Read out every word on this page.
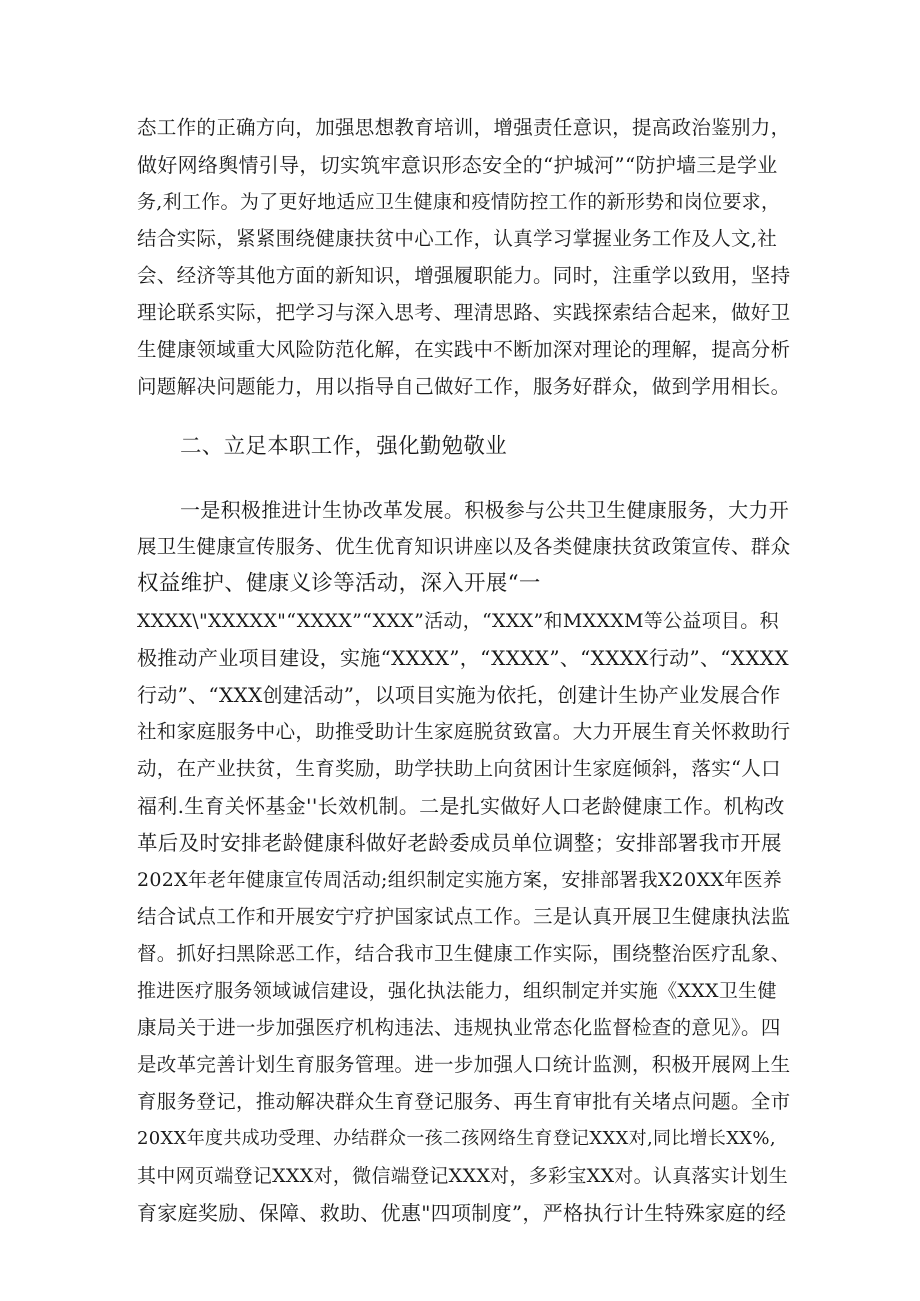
态工作的正确方向，加强思想教育培训，增强责任意识，提高政治鉴别力，

做好网络舆情引导，切实筑牢意识形态安全的“护城河”“防护墙三是学业

务,利工作。为了更好地适应卫生健康和疫情防控工作的新形势和岗位要求，

结合实际，紧紧围绕健康扶贫中心工作，认真学习掌握业务工作及人文,社

会、经济等其他方面的新知识，增强履职能力。同时，注重学以致用，坚持

理论联系实际，把学习与深入思考、理清思路、实践探索结合起来，做好卫

生健康领域重大风险防范化解，在实践中不断加深对理论的理解，提高分析

问题解决问题能力，用以指导自己做好工作，服务好群众，做到学用相长。

二、立足本职工作，强化勤勉敬业

一是积极推进计生协改革发展。积极参与公共卫生健康服务，大力开

展卫生健康宣传服务、优生优育知识讲座以及各类健康扶贫政策宣传、群众

权益维护、健康义诊等活动，深入开展“一

XXXX\"XXXXX"“XXXX”“XXX”活动，“XXX”和MXXXM等公益项目。积

极推动产业项目建设，实施“XXXX”，“XXXX”、“XXXX行动”、“XXXX

行动”、“XXX创建活动”，以项目实施为依托，创建计生协产业发展合作

社和家庭服务中心，助推受助计生家庭脱贫致富。大力开展生育关怀救助行

动，在产业扶贫，生育奖励，助学扶助上向贫困计生家庭倾斜，落实“人口

福利.生育关怀基金''长效机制。二是扎实做好人口老龄健康工作。机构改

革后及时安排老龄健康科做好老龄委成员单位调整；安排部署我市开展

202X年老年健康宣传周活动;组织制定实施方案，安排部署我X20XX年医养

结合试点工作和开展安宁疗护国家试点工作。三是认真开展卫生健康执法监

督。抓好扫黑除恶工作，结合我市卫生健康工作实际，围绕整治医疗乱象、

推进医疗服务领域诚信建设，强化执法能力，组织制定并实施《XXX卫生健

康局关于进一步加强医疗机构违法、违规执业常态化监督检查的意见》。四

是改革完善计划生育服务管理。进一步加强人口统计监测，积极开展网上生

育服务登记，推动解决群众生育登记服务、再生育审批有关堵点问题。全市

20XX年度共成功受理、办结群众一孩二孩网络生育登记XXX对,同比增长XX%,

其中网页端登记XXX对，微信端登记XXX对，多彩宝XX对。认真落实计划生

育家庭奖励、保障、救助、优惠"四项制度”，严格执行计生特殊家庭的经
